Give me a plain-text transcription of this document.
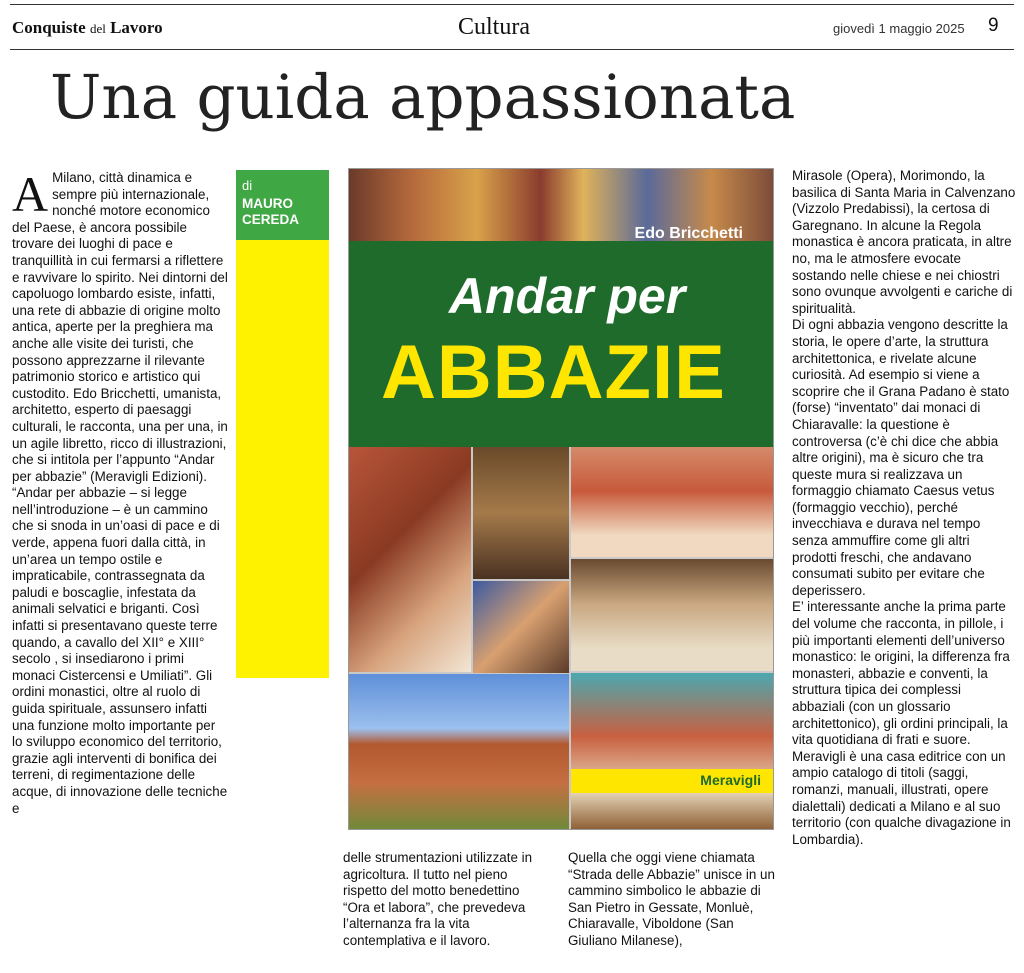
Conquiste del Lavoro	Cultura	giovedì 1 maggio 2025 9
Una guida appassionata
A Milano, città dinamica e sempre più internazionale, nonché motore economico del Paese, è ancora possibile trovare dei luoghi di pace e tranquillità in cui fermarsi a riflettere e ravvivare lo spirito. Nei dintorni del capoluogo lombardo esiste, infatti, una rete di abbazie di origine molto antica, aperte per la preghiera ma anche alle visite dei turisti, che possono apprezzarne il rilevante patrimonio storico e artistico qui custodito. Edo Bricchetti, umanista, architetto, esperto di paesaggi culturali, le racconta, una per una, in un agile libretto, ricco di illustrazioni, che si intitola per l’appunto “Andar per abbazie” (Meravigli Edizioni). “Andar per abbazie – si legge nell’introduzione – è un cammino che si snoda in un’oasi di pace e di verde, appena fuori dalla città, in un’area un tempo ostile e impraticabile, contrassegnata da paludi e boscaglie, infestata da animali selvatici e briganti. Così infatti si presentavano queste terre quando, a cavallo del XII° e XIII° secolo , si insediarono i primi monaci Cistercensi e Umiliati”. Gli ordini monastici, oltre al ruolo di guida spirituale, assunsero infatti una funzione molto importante per lo sviluppo economico del territorio, grazie agli interventi di bonifica dei terreni, di regimentazione delle acque, di innovazione delle tecniche e
di
MAURO
CEREDA
Edo Bricchetti
Andar per
ABBAZIE
Meravigli
delle strumentazioni utilizzate in agricoltura. Il tutto nel pieno rispetto del motto benedettino “Ora et labora”, che prevedeva l’alternanza fra la vita contemplativa e il lavoro.
Quella che oggi viene chiamata “Strada delle Abbazie” unisce in un cammino simbolico le abbazie di San Pietro in Gessate, Monluè, Chiaravalle, Viboldone (San Giuliano Milanese),

Mirasole (Opera), Morimondo, la basilica di Santa Maria in Calvenzano (Vizzolo Predabissi), la certosa di Garegnano. In alcune la Regola monastica è ancora praticata, in altre no, ma le atmosfere evocate sostando nelle chiese e nei chiostri sono ovunque avvolgenti e cariche di spiritualità.

Di ogni abbazia vengono descritte la storia, le opere d’arte, la struttura architettonica, e rivelate alcune curiosità. Ad esempio si viene a scoprire che il Grana Padano è stato (forse) “inventato” dai monaci di Chiaravalle: la questione è controversa (c’è chi dice che abbia altre origini), ma è sicuro che tra queste mura si realizzava un formaggio chiamato Caesus vetus (formaggio vecchio), perché invecchiava e durava nel tempo senza ammuffire come gli altri prodotti freschi, che andavano consumati subito per evitare che deperissero.

E’ interessante anche la prima parte del volume che racconta, in pillole, i più importanti elementi dell’universo monastico: le origini, la differenza fra monasteri, abbazie e conventi, la struttura tipica dei complessi abbaziali (con un glossario architettonico), gli ordini principali, la vita quotidiana di frati e suore. Meravigli è una casa editrice con un ampio catalogo di titoli (saggi, romanzi, manuali, illustrati, opere dialettali) dedicati a Milano e al suo territorio (con qualche divagazione in Lombardia).
